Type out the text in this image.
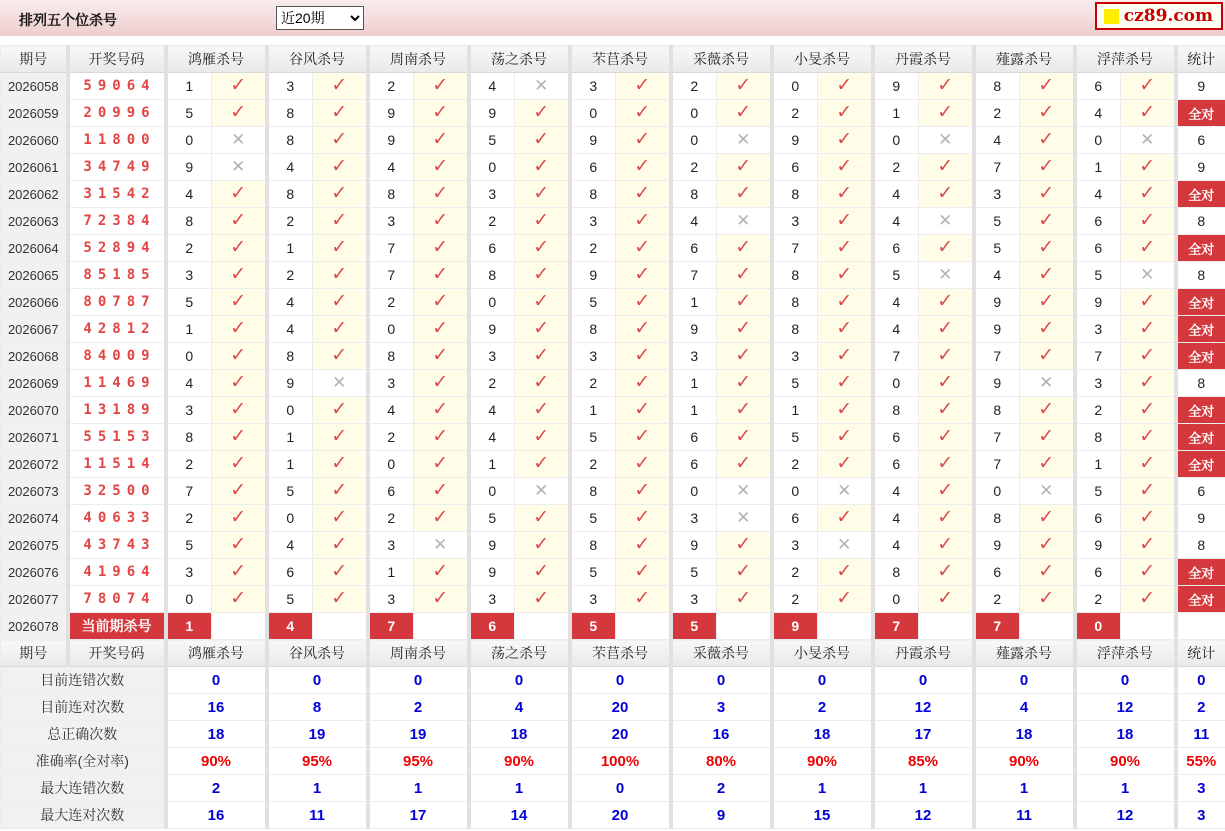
排列五个位杀号
近20期	cz89.com
期号	开奖号码	鸿雁杀号		谷风杀号		周南杀号		荡之杀号		芣苢杀号		采薇杀号		小旻杀号		丹霞杀号		薤露杀号		浮萍杀号		统计
2026058	59064	1	✓	3	✓	2	✓	4	✕	3	✓	2	✓	0	✓	9	✓	8	✓	6	✓	9
2026059	20996	5	✓	8	✓	9	✓	9	✓	0	✓	0	✓	2	✓	1	✓	2	✓	4	✓	全对
2026060	11800	0	✕	8	✓	9	✓	5	✓	9	✓	0	✕	9	✓	0	✕	4	✓	0	✕	6
2026061	34749	9	✕	4	✓	4	✓	0	✓	6	✓	2	✓	6	✓	2	✓	7	✓	1	✓	9
2026062	31542	4	✓	8	✓	8	✓	3	✓	8	✓	8	✓	8	✓	4	✓	3	✓	4	✓	全对
2026063	72384	8	✓	2	✓	3	✓	2	✓	3	✓	4	✕	3	✓	4	✕	5	✓	6	✓	8
2026064	52894	2	✓	1	✓	7	✓	6	✓	2	✓	6	✓	7	✓	6	✓	5	✓	6	✓	全对
2026065	85185	3	✓	2	✓	7	✓	8	✓	9	✓	7	✓	8	✓	5	✕	4	✓	5	✕	8
2026066	80787	5	✓	4	✓	2	✓	0	✓	5	✓	1	✓	8	✓	4	✓	9	✓	9	✓	全对
2026067	42812	1	✓	4	✓	0	✓	9	✓	8	✓	9	✓	8	✓	4	✓	9	✓	3	✓	全对
2026068	84009	0	✓	8	✓	8	✓	3	✓	3	✓	3	✓	3	✓	7	✓	7	✓	7	✓	全对
2026069	11469	4	✓	9	✕	3	✓	2	✓	2	✓	1	✓	5	✓	0	✓	9	✕	3	✓	8
2026070	13189	3	✓	0	✓	4	✓	4	✓	1	✓	1	✓	1	✓	8	✓	8	✓	2	✓	全对
2026071	55153	8	✓	1	✓	2	✓	4	✓	5	✓	6	✓	5	✓	6	✓	7	✓	8	✓	全对
2026072	11514	2	✓	1	✓	0	✓	1	✓	2	✓	6	✓	2	✓	6	✓	7	✓	1	✓	全对
2026073	32500	7	✓	5	✓	6	✓	0	✕	8	✓	0	✕	0	✕	4	✓	0	✕	5	✓	6
2026074	40633	2	✓	0	✓	2	✓	5	✓	5	✓	3	✕	6	✓	4	✓	8	✓	6	✓	9
2026075	43743	5	✓	4	✓	3	✕	9	✓	8	✓	9	✓	3	✕	4	✓	9	✓	9	✓	8
2026076	41964	3	✓	6	✓	1	✓	9	✓	5	✓	5	✓	2	✓	8	✓	6	✓	6	✓	全对
2026077	78074	0	✓	5	✓	3	✓	3	✓	3	✓	3	✓	2	✓	0	✓	2	✓	2	✓	全对
2026078	当前期杀号	1		4		7		6		5		5		9		7		7		0		
期号	开奖号码	鸿雁杀号		谷风杀号		周南杀号		荡之杀号		芣苢杀号		采薇杀号		小旻杀号		丹霞杀号		薤露杀号		浮萍杀号		统计
目前连错次数		0		0		0		0		0		0		0		0		0		0		0
目前连对次数		16		8		2		4		20		3		2		12		4		12		2
总正确次数		18		19		19		18		20		16		18		17		18		18		11
准确率(全对率)		90%		95%		95%		90%		100%		80%		90%		85%		90%		90%		55%
最大连错次数		2		1		1		1		0		2		1		1		1		1		3
最大连对次数		16		11		17		14		20		9		15		12		11		12		3
